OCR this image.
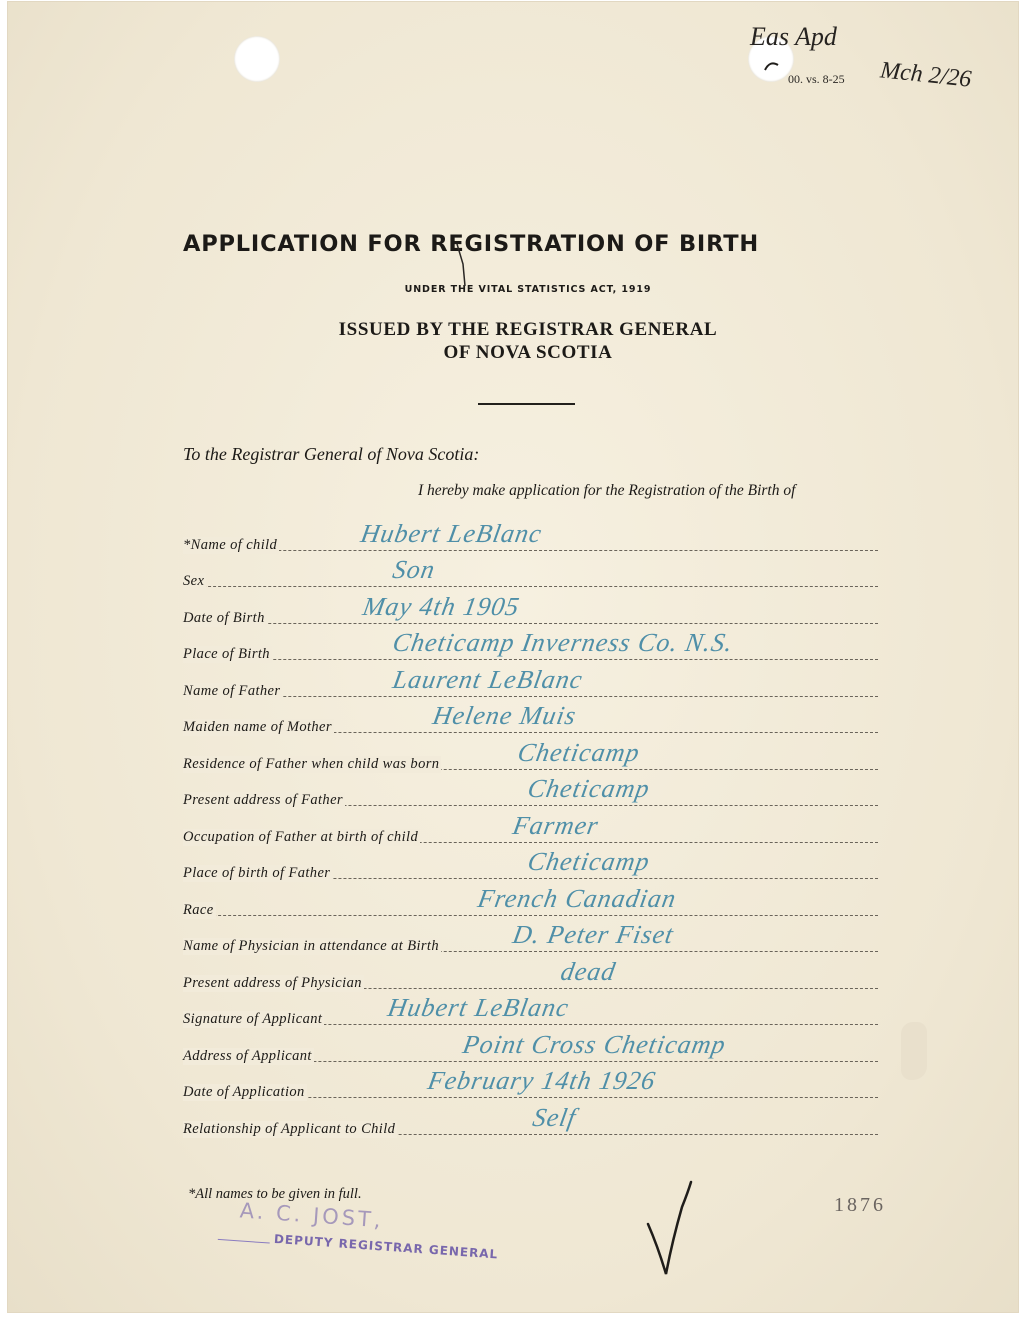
Eas Apd
Mch 2/26
00. vs. 8-25
APPLICATION FOR REGISTRATION OF BIRTH
UNDER THE VITAL STATISTICS ACT, 1919
ISSUED BY THE REGISTRAR GENERAL
OF NOVA SCOTIA
To the Registrar General of Nova Scotia:
I hereby make application for the Registration of the Birth of
*Name of child	Hubert LeBlanc
Sex	Son
Date of Birth	May 4th 1905
Place of Birth	Cheticamp Inverness Co. N.S.
Name of Father	Laurent LeBlanc
Maiden name of Mother	Helene Muis
Residence of Father when child was born	Cheticamp
Present address of Father	Cheticamp
Occupation of Father at birth of child	Farmer
Place of birth of Father	Cheticamp
Race	French Canadian
Name of Physician in attendance at Birth	D. Peter Fiset
Present address of Physician	dead
Signature of Applicant Hubert LeBlanc
Address of Applicant	Point Cross Cheticamp
Date of Application	February 14th 1926
Relationship of Applicant to Child	Self
*All names to be given in full.	1876
A. C. JOST,
DEPUTY REGISTRAR GENERAL
